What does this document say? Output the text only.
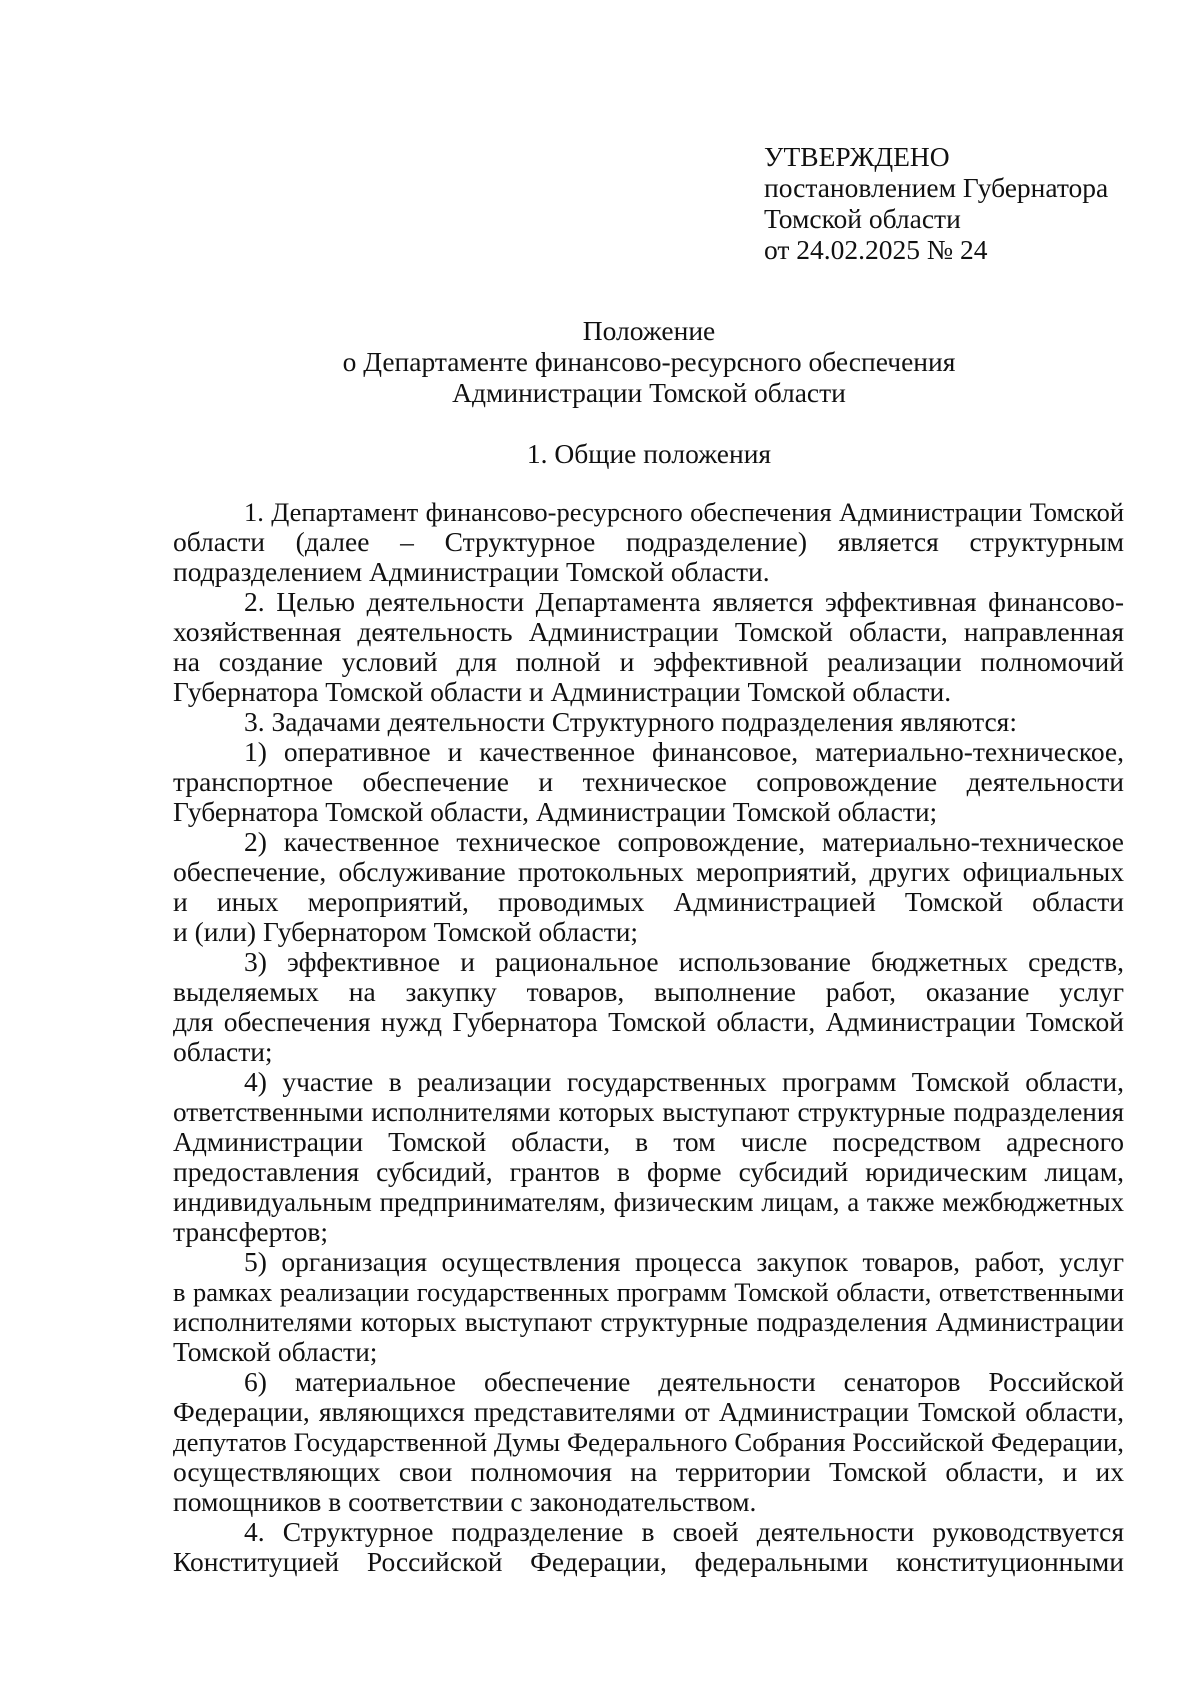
УТВЕРЖДЕНО
постановлением Губернатора
Томской области
от 24.02.2025 № 24
Положение
о Департаменте финансово-ресурсного обеспечения
Администрации Томской области
1. Общие положения
1. Департамент финансово-ресурсного обеспечения Администрации Томской
области (далее – Структурное подразделение) является структурным
подразделением Администрации Томской области.
2. Целью деятельности Департамента является эффективная финансово-
хозяйственная деятельность Администрации Томской области, направленная
на создание условий для полной и эффективной реализации полномочий
Губернатора Томской области и Администрации Томской области.
3. Задачами деятельности Структурного подразделения являются:
1) оперативное и качественное финансовое, материально-техническое,
транспортное обеспечение и техническое сопровождение деятельности
Губернатора Томской области, Администрации Томской области;
2) качественное техническое сопровождение, материально-техническое
обеспечение, обслуживание протокольных мероприятий, других официальных
и иных мероприятий, проводимых Администрацией Томской области
и (или) Губернатором Томской области;
3) эффективное и рациональное использование бюджетных средств,
выделяемых на закупку товаров, выполнение работ, оказание услуг
для обеспечения нужд Губернатора Томской области, Администрации Томской
области;
4) участие в реализации государственных программ Томской области,
ответственными исполнителями которых выступают структурные подразделения
Администрации Томской области, в том числе посредством адресного
предоставления субсидий, грантов в форме субсидий юридическим лицам,
индивидуальным предпринимателям, физическим лицам, а также межбюджетных
трансфертов;
5) организация осуществления процесса закупок товаров, работ, услуг
в рамках реализации государственных программ Томской области, ответственными
исполнителями которых выступают структурные подразделения Администрации
Томской области;
6) материальное обеспечение деятельности сенаторов Российской
Федерации, являющихся представителями от Администрации Томской области,
депутатов Государственной Думы Федерального Собрания Российской Федерации,
осуществляющих свои полномочия на территории Томской области, и их
помощников в соответствии с законодательством.
4. Структурное подразделение в своей деятельности руководствуется
Конституцией Российской Федерации, федеральными конституционными
